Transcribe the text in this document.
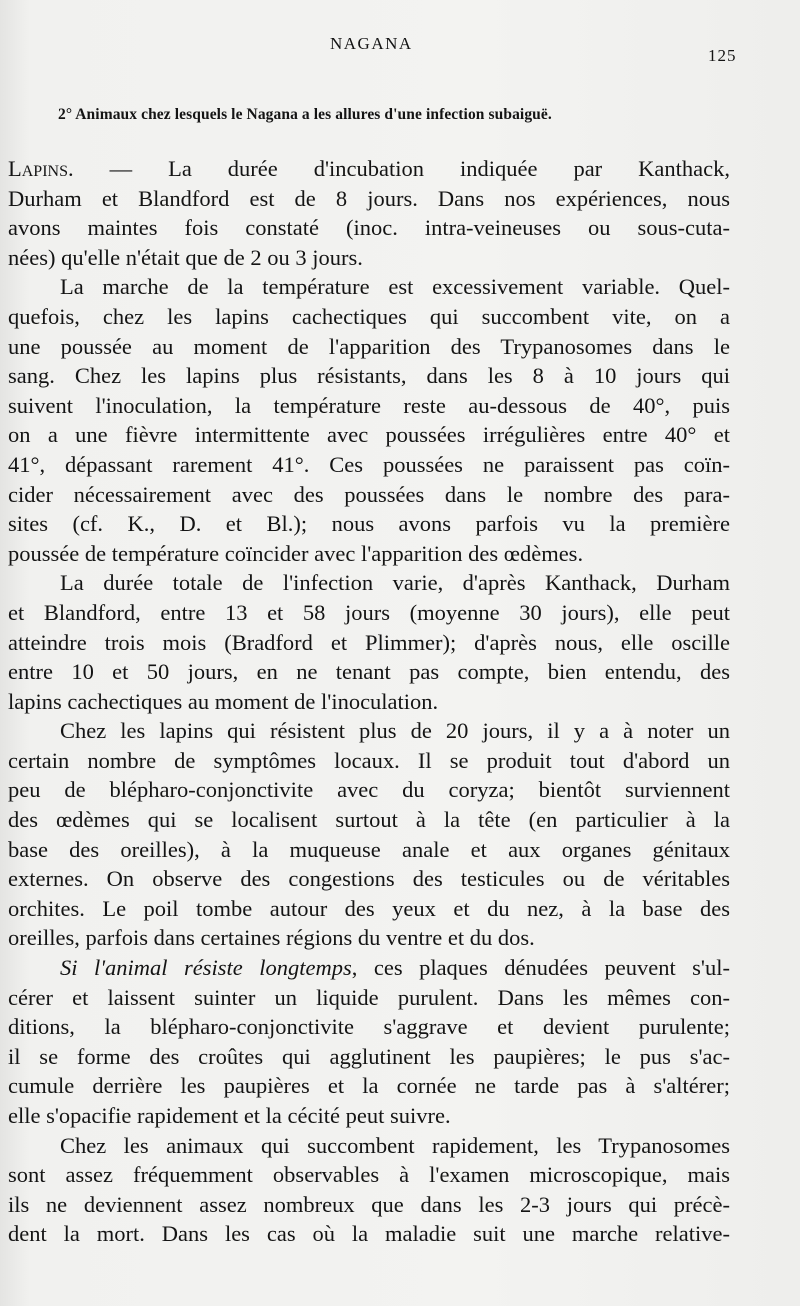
NAGANA
125
2° Animaux chez lesquels le Nagana a les allures d'une infection subaiguë.
Lapins. — La durée d'incubation indiquée par Kanthack,
Durham et Blandford est de 8 jours. Dans nos expériences, nous
avons maintes fois constaté (inoc. intra-veineuses ou sous-cuta-
nées) qu'elle n'était que de 2 ou 3 jours.
La marche de la température est excessivement variable. Quel-
quefois, chez les lapins cachectiques qui succombent vite, on a
une poussée au moment de l'apparition des Trypanosomes dans le
sang. Chez les lapins plus résistants, dans les 8 à 10 jours qui
suivent l'inoculation, la température reste au-dessous de 40°, puis
on a une fièvre intermittente avec poussées irrégulières entre 40° et
41°, dépassant rarement 41°. Ces poussées ne paraissent pas coïn-
cider nécessairement avec des poussées dans le nombre des para-
sites (cf. K., D. et Bl.); nous avons parfois vu la première
poussée de température coïncider avec l'apparition des œdèmes.
La durée totale de l'infection varie, d'après Kanthack, Durham
et Blandford, entre 13 et 58 jours (moyenne 30 jours), elle peut
atteindre trois mois (Bradford et Plimmer); d'après nous, elle oscille
entre 10 et 50 jours, en ne tenant pas compte, bien entendu, des
lapins cachectiques au moment de l'inoculation.
Chez les lapins qui résistent plus de 20 jours, il y a à noter un
certain nombre de symptômes locaux. Il se produit tout d'abord un
peu de blépharo-conjonctivite avec du coryza; bientôt surviennent
des œdèmes qui se localisent surtout à la tête (en particulier à la
base des oreilles), à la muqueuse anale et aux organes génitaux
externes. On observe des congestions des testicules ou de véritables
orchites. Le poil tombe autour des yeux et du nez, à la base des
oreilles, parfois dans certaines régions du ventre et du dos.
Si l'animal résiste longtemps, ces plaques dénudées peuvent s'ul-
cérer et laissent suinter un liquide purulent. Dans les mêmes con-
ditions, la blépharo-conjonctivite s'aggrave et devient purulente;
il se forme des croûtes qui agglutinent les paupières; le pus s'ac-
cumule derrière les paupières et la cornée ne tarde pas à s'altérer;
elle s'opacifie rapidement et la cécité peut suivre.
Chez les animaux qui succombent rapidement, les Trypanosomes
sont assez fréquemment observables à l'examen microscopique, mais
ils ne deviennent assez nombreux que dans les 2-3 jours qui précè-
dent la mort. Dans les cas où la maladie suit une marche relative-
